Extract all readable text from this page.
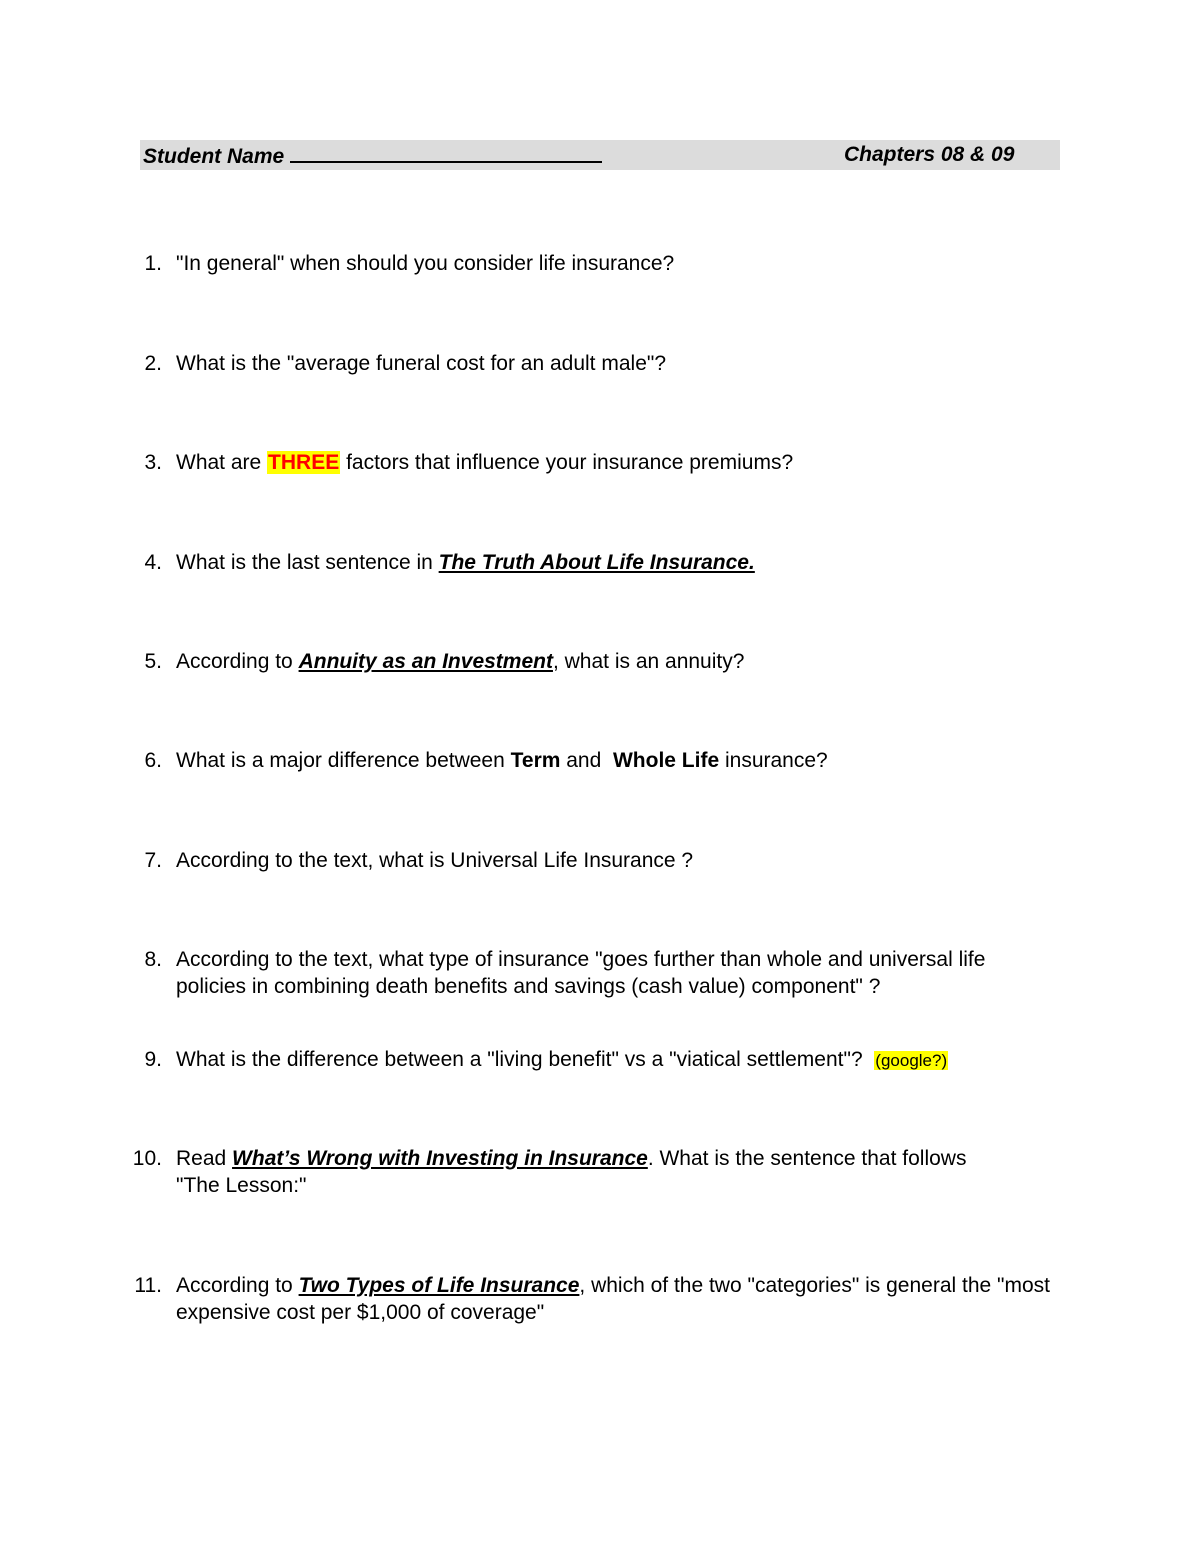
Student Name	Chapters 08 & 09
1. "In general" when should you consider life insurance?
2. What is the "average funeral cost for an adult male"?
3. What are THREE factors that influence your insurance premiums?
4. What is the last sentence in The Truth About Life Insurance.
5. According to Annuity as an Investment, what is an annuity?
6. What is a major difference between Term and  Whole Life insurance?
7. According to the text, what is Universal Life Insurance ?
8. According to the text, what type of insurance "goes further than whole and universal life policies in combining death benefits and savings (cash value) component" ?
9. What is the difference between a "living benefit" vs a "viatical settlement"? (google?)
10. Read What’s Wrong with Investing in Insurance. What is the sentence that follows "The Lesson:"
11. According to Two Types of Life Insurance, which of the two "categories" is general the "most expensive cost per $1,000 of coverage"
